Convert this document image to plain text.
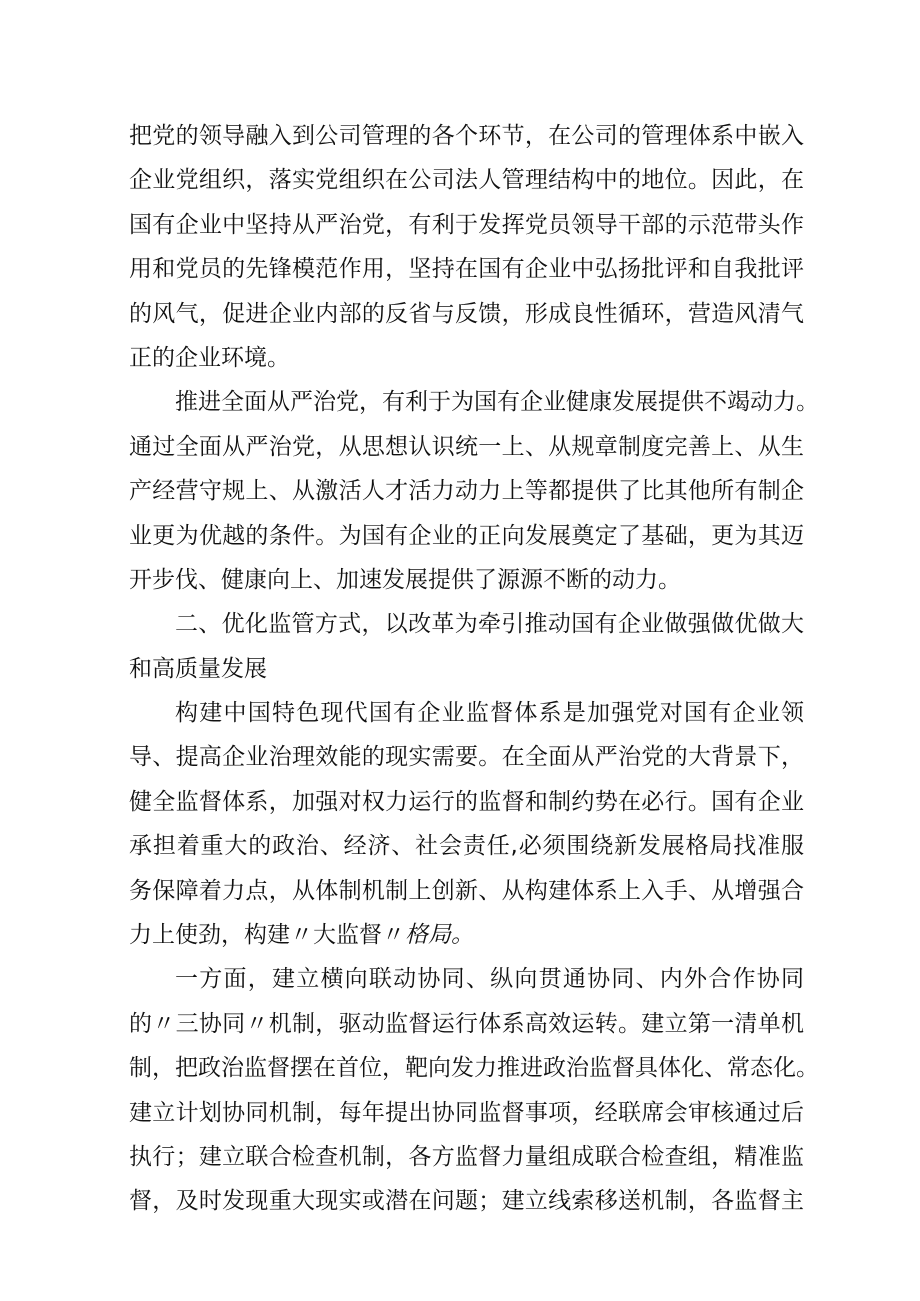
把党的领导融入到公司管理的各个环节，在公司的管理体系中嵌入
企业党组织，落实党组织在公司法人管理结构中的地位。因此，在
国有企业中坚持从严治党，有利于发挥党员领导干部的示范带头作
用和党员的先锋模范作用，坚持在国有企业中弘扬批评和自我批评
的风气，促进企业内部的反省与反馈，形成良性循环，营造风清气
正的企业环境。
推进全面从严治党，有利于为国有企业健康发展提供不竭动力。
通过全面从严治党，从思想认识统一上、从规章制度完善上、从生
产经营守规上、从激活人才活力动力上等都提供了比其他所有制企
业更为优越的条件。为国有企业的正向发展奠定了基础，更为其迈
开步伐、健康向上、加速发展提供了源源不断的动力。
二、优化监管方式，以改革为牵引推动国有企业做强做优做大
和高质量发展
构建中国特色现代国有企业监督体系是加强党对国有企业领
导、提高企业治理效能的现实需要。在全面从严治党的大背景下，
健全监督体系，加强对权力运行的监督和制约势在必行。国有企业
承担着重大的政治、经济、社会责任,必须围绕新发展格局找准服
务保障着力点，从体制机制上创新、从构建体系上入手、从增强合
力上使劲，构建〃大监督〃格局。
一方面，建立横向联动协同、纵向贯通协同、内外合作协同
的〃三协同〃机制，驱动监督运行体系高效运转。建立第一清单机
制，把政治监督摆在首位，靶向发力推进政治监督具体化、常态化。
建立计划协同机制，每年提出协同监督事项，经联席会审核通过后
执行；建立联合检查机制，各方监督力量组成联合检查组，精准监
督，及时发现重大现实或潜在问题；建立线索移送机制，各监督主
